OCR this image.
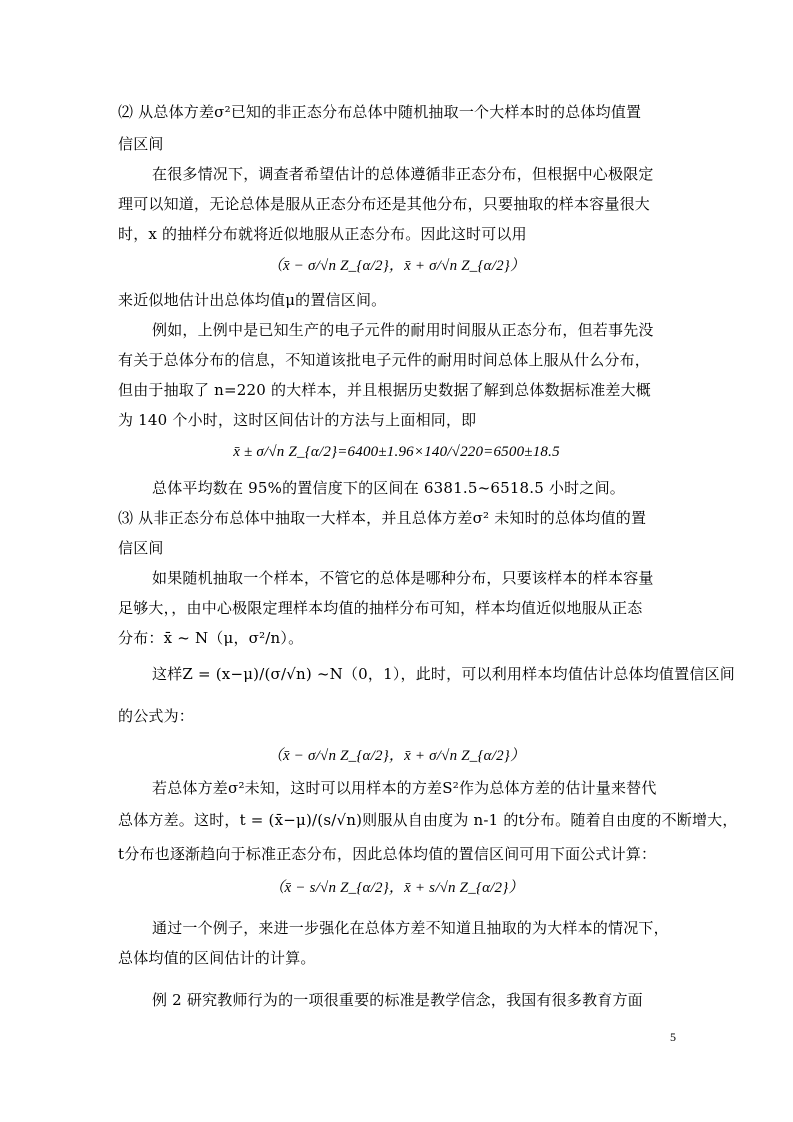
⑵ 从总体方差σ²已知的非正态分布总体中随机抽取一个大样本时的总体均值置
信区间
在很多情况下，调查者希望估计的总体遵循非正态分布，但根据中心极限定
理可以知道，无论总体是服从正态分布还是其他分布，只要抽取的样本容量很大
时，x 的抽样分布就将近似地服从正态分布。因此这时可以用
（x̄ − σ/√n Z_{α/2}，x̄ + σ/√n Z_{α/2}）
来近似地估计出总体均值μ的置信区间。
例如，上例中是已知生产的电子元件的耐用时间服从正态分布，但若事先没
有关于总体分布的信息，不知道该批电子元件的耐用时间总体上服从什么分布，
但由于抽取了 n=220 的大样本，并且根据历史数据了解到总体数据标准差大概
为 140 个小时，这时区间估计的方法与上面相同，即
x̄ ± σ/√n Z_{α/2}=6400±1.96×140/√220=6500±18.5
总体平均数在 95%的置信度下的区间在 6381.5~6518.5 小时之间。
⑶ 从非正态分布总体中抽取一大样本，并且总体方差σ² 未知时的总体均值的置
信区间
如果随机抽取一个样本，不管它的总体是哪种分布，只要该样本的样本容量
足够大，，由中心极限定理样本均值的抽样分布可知，样本均值近似地服从正态
分布：x̄ ~ N（μ，σ²/n）。
这样Z = (x−μ)/(σ/√n) ~N（0，1），此时，可以利用样本均值估计总体均值置信区间
的公式为：
（x̄ − σ/√n Z_{α/2}，x̄ + σ/√n Z_{α/2}）
若总体方差σ²未知，这时可以用样本的方差S²作为总体方差的估计量来替代
总体方差。这时，t = (x̄−μ)/(s/√n)则服从自由度为 n-1 的t分布。随着自由度的不断增大，
t分布也逐渐趋向于标准正态分布，因此总体均值的置信区间可用下面公式计算：
（x̄ − s/√n Z_{α/2}，x̄ + s/√n Z_{α/2}）
通过一个例子，来进一步强化在总体方差不知道且抽取的为大样本的情况下，
总体均值的区间估计的计算。
例 2 研究教师行为的一项很重要的标准是教学信念，我国有很多教育方面
5
